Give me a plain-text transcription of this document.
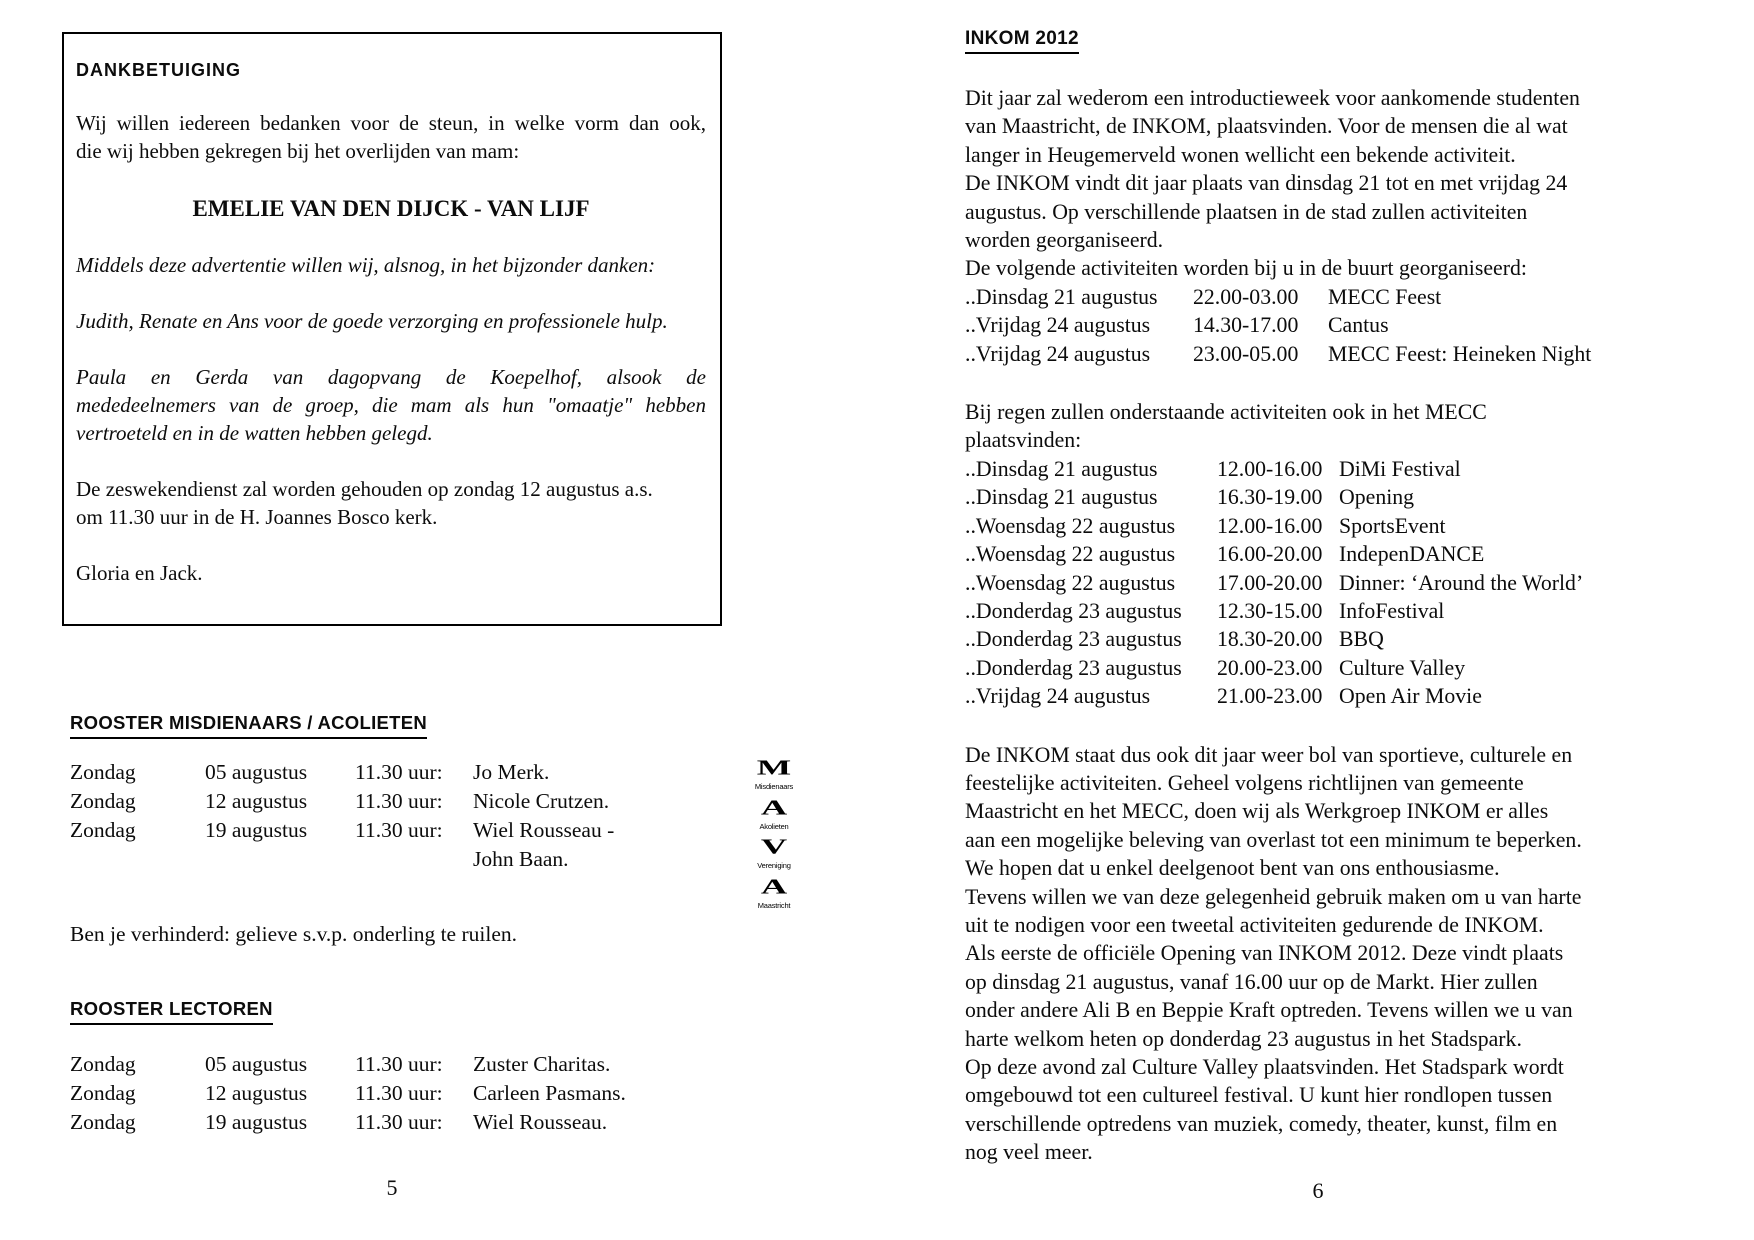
DANKBETUIGING
Wij willen iedereen bedanken voor de steun, in welke vorm dan ook,
die wij hebben gekregen bij het overlijden van mam:

EMELIE VAN DEN DIJCK - VAN LIJF

Middels deze advertentie willen wij, alsnog, in het bijzonder danken:

Judith, Renate en Ans voor de goede verzorging en professionele hulp.

Paula en Gerda van dagopvang de Koepelhof, alsook de
mededeelnemers van de groep, die mam als hun "omaatje" hebben
vertroeteld en in de watten hebben gelegd.
De zeswekendienst zal worden gehouden op zondag 12 augustus a.s.
om 11.30 uur in de H. Joannes Bosco kerk.

Gloria en Jack.

ROOSTER MISDIENAARS / ACOLIETEN
Zondag	05 augustus	11.30 uur:	Jo Merk.
Zondag	12 augustus	11.30 uur:	Nicole Crutzen.
Zondag	19 augustus	11.30 uur:	Wiel Rousseau -
John Baan.

Ben je verhinderd: gelieve s.v.p. onderling te ruilen.

ROOSTER LECTOREN
Zondag	05 augustus	11.30 uur:	Zuster Charitas.
Zondag	12 augustus	11.30 uur:	Carleen Pasmans.
Zondag	19 augustus	11.30 uur:	Wiel Rousseau.
5
M
Misdienaars
A
Akolieten
V
Vereniging
A
Maastricht
INKOM 2012
Dit jaar zal wederom een introductieweek voor aankomende studenten
van Maastricht, de INKOM, plaatsvinden. Voor de mensen die al wat
langer in Heugemerveld wonen wellicht een bekende activiteit.
De INKOM vindt dit jaar plaats van dinsdag 21 tot en met vrijdag 24
augustus. Op verschillende plaatsen in de stad zullen activiteiten
worden georganiseerd.
De volgende activiteiten worden bij u in de buurt georganiseerd:
..Dinsdag 21 augustus	22.00-03.00	MECC Feest
..Vrijdag 24 augustus	14.30-17.00	Cantus
..Vrijdag 24 augustus	23.00-05.00	MECC Feest: Heineken Night
Bij regen zullen onderstaande activiteiten ook in het MECC
plaatsvinden:
..Dinsdag 21 augustus	12.00-16.00 DiMi Festival
..Dinsdag 21 augustus	16.30-19.00 Opening
..Woensdag 22 augustus	12.00-16.00 SportsEvent
..Woensdag 22 augustus	16.00-20.00 IndepenDANCE
..Woensdag 22 augustus	17.00-20.00 Dinner: ‘Around the World’
..Donderdag 23 augustus	12.30-15.00 InfoFestival
..Donderdag 23 augustus	18.30-20.00 BBQ
..Donderdag 23 augustus	20.00-23.00 Culture Valley
..Vrijdag 24 augustus	21.00-23.00 Open Air Movie
De INKOM staat dus ook dit jaar weer bol van sportieve, culturele en
feestelijke activiteiten. Geheel volgens richtlijnen van gemeente
Maastricht en het MECC, doen wij als Werkgroep INKOM er alles
aan een mogelijke beleving van overlast tot een minimum te beperken.
We hopen dat u enkel deelgenoot bent van ons enthousiasme.
Tevens willen we van deze gelegenheid gebruik maken om u van harte
uit te nodigen voor een tweetal activiteiten gedurende de INKOM.
Als eerste de officiële Opening van INKOM 2012. Deze vindt plaats
op dinsdag 21 augustus, vanaf 16.00 uur op de Markt. Hier zullen
onder andere Ali B en Beppie Kraft optreden. Tevens willen we u van
harte welkom heten op donderdag 23 augustus in het Stadspark.
Op deze avond zal Culture Valley plaatsvinden. Het Stadspark wordt
omgebouwd tot een cultureel festival. U kunt hier rondlopen tussen
verschillende optredens van muziek, comedy, theater, kunst, film en
nog veel meer.
6
